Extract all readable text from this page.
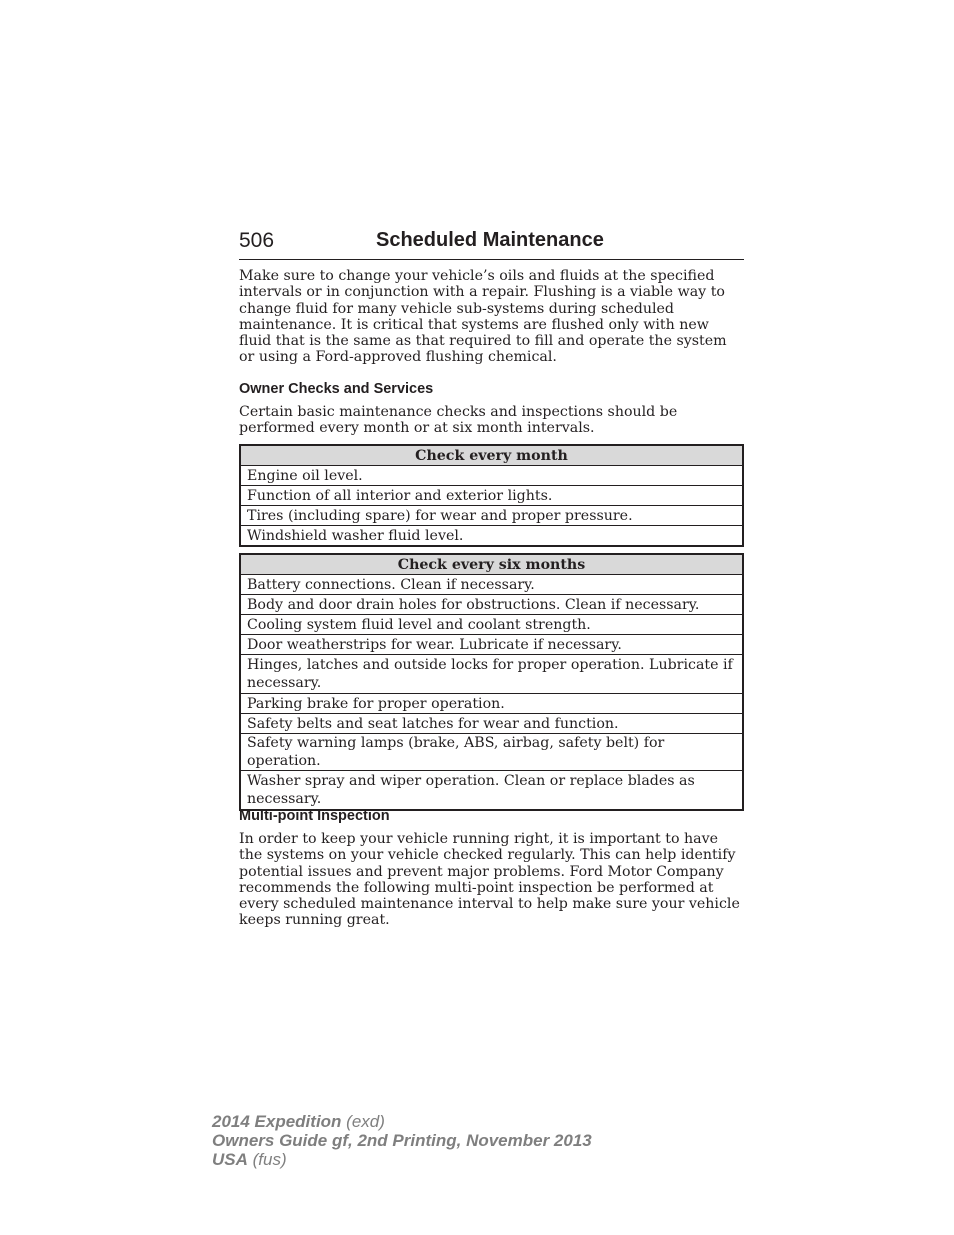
506	Scheduled Maintenance

Make sure to change your vehicle’s oils and fluids at the specified intervals or in conjunction with a repair. Flushing is a viable way to change fluid for many vehicle sub-systems during scheduled maintenance. It is critical that systems are flushed only with new fluid that is the same as that required to fill and operate the system or using a Ford-approved flushing chemical.

Owner Checks and Services

Certain basic maintenance checks and inspections should be performed every month or at six month intervals.

Check every month
Engine oil level.
Function of all interior and exterior lights.
Tires (including spare) for wear and proper pressure.
Windshield washer fluid level.
Check every six months
Battery connections. Clean if necessary.
Body and door drain holes for obstructions. Clean if necessary.
Cooling system fluid level and coolant strength.
Door weatherstrips for wear. Lubricate if necessary.
Hinges, latches and outside locks for proper operation. Lubricate if necessary.
Parking brake for proper operation.
Safety belts and seat latches for wear and function.
Safety warning lamps (brake, ABS, airbag, safety belt) for operation.
Washer spray and wiper operation. Clean or replace blades as necessary.
Multi-point Inspection

In order to keep your vehicle running right, it is important to have the systems on your vehicle checked regularly. This can help identify potential issues and prevent major problems. Ford Motor Company recommends the following multi-point inspection be performed at every scheduled maintenance interval to help make sure your vehicle keeps running great.

2014 Expedition (exd)
Owners Guide gf, 2nd Printing, November 2013
USA (fus)
